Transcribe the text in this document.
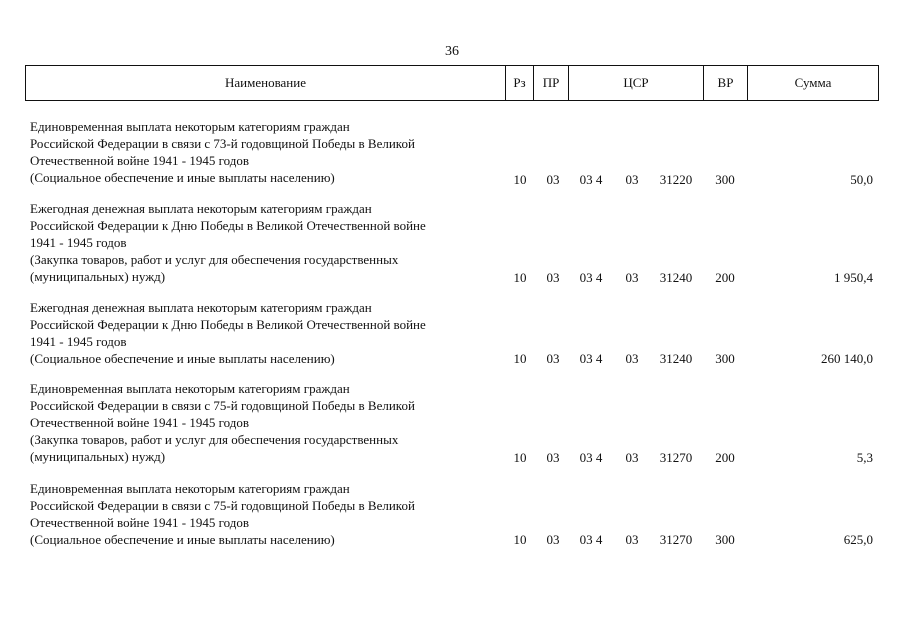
36
Наименование	Рз	ПР	ЦСР	ВР	Сумма
Единовременная выплата некоторым категориям граждан
Российской Федерации в связи с 73-й годовщиной Победы в Великой
Отечественной войне 1941 - 1945 годов
(Социальное обеспечение и иные выплаты населению)	10	03	03 4	03	31220	300	50,0
Ежегодная денежная выплата некоторым категориям граждан
Российской Федерации к Дню Победы в Великой Отечественной войне
1941 - 1945 годов
(Закупка товаров, работ и услуг для обеспечения государственных
(муниципальных) нужд)	10	03	03 4	03	31240	200	1 950,4
Ежегодная денежная выплата некоторым категориям граждан
Российской Федерации к Дню Победы в Великой Отечественной войне
1941 - 1945 годов
(Социальное обеспечение и иные выплаты населению)	10	03	03 4	03	31240	300	260 140,0
Единовременная выплата некоторым категориям граждан
Российской Федерации в связи с 75-й годовщиной Победы в Великой
Отечественной войне 1941 - 1945 годов
(Закупка товаров, работ и услуг для обеспечения государственных
(муниципальных) нужд)	10	03	03 4	03	31270	200	5,3
Единовременная выплата некоторым категориям граждан
Российской Федерации в связи с 75-й годовщиной Победы в Великой
Отечественной войне 1941 - 1945 годов
(Социальное обеспечение и иные выплаты населению)	10	03	03 4	03	31270	300	625,0
